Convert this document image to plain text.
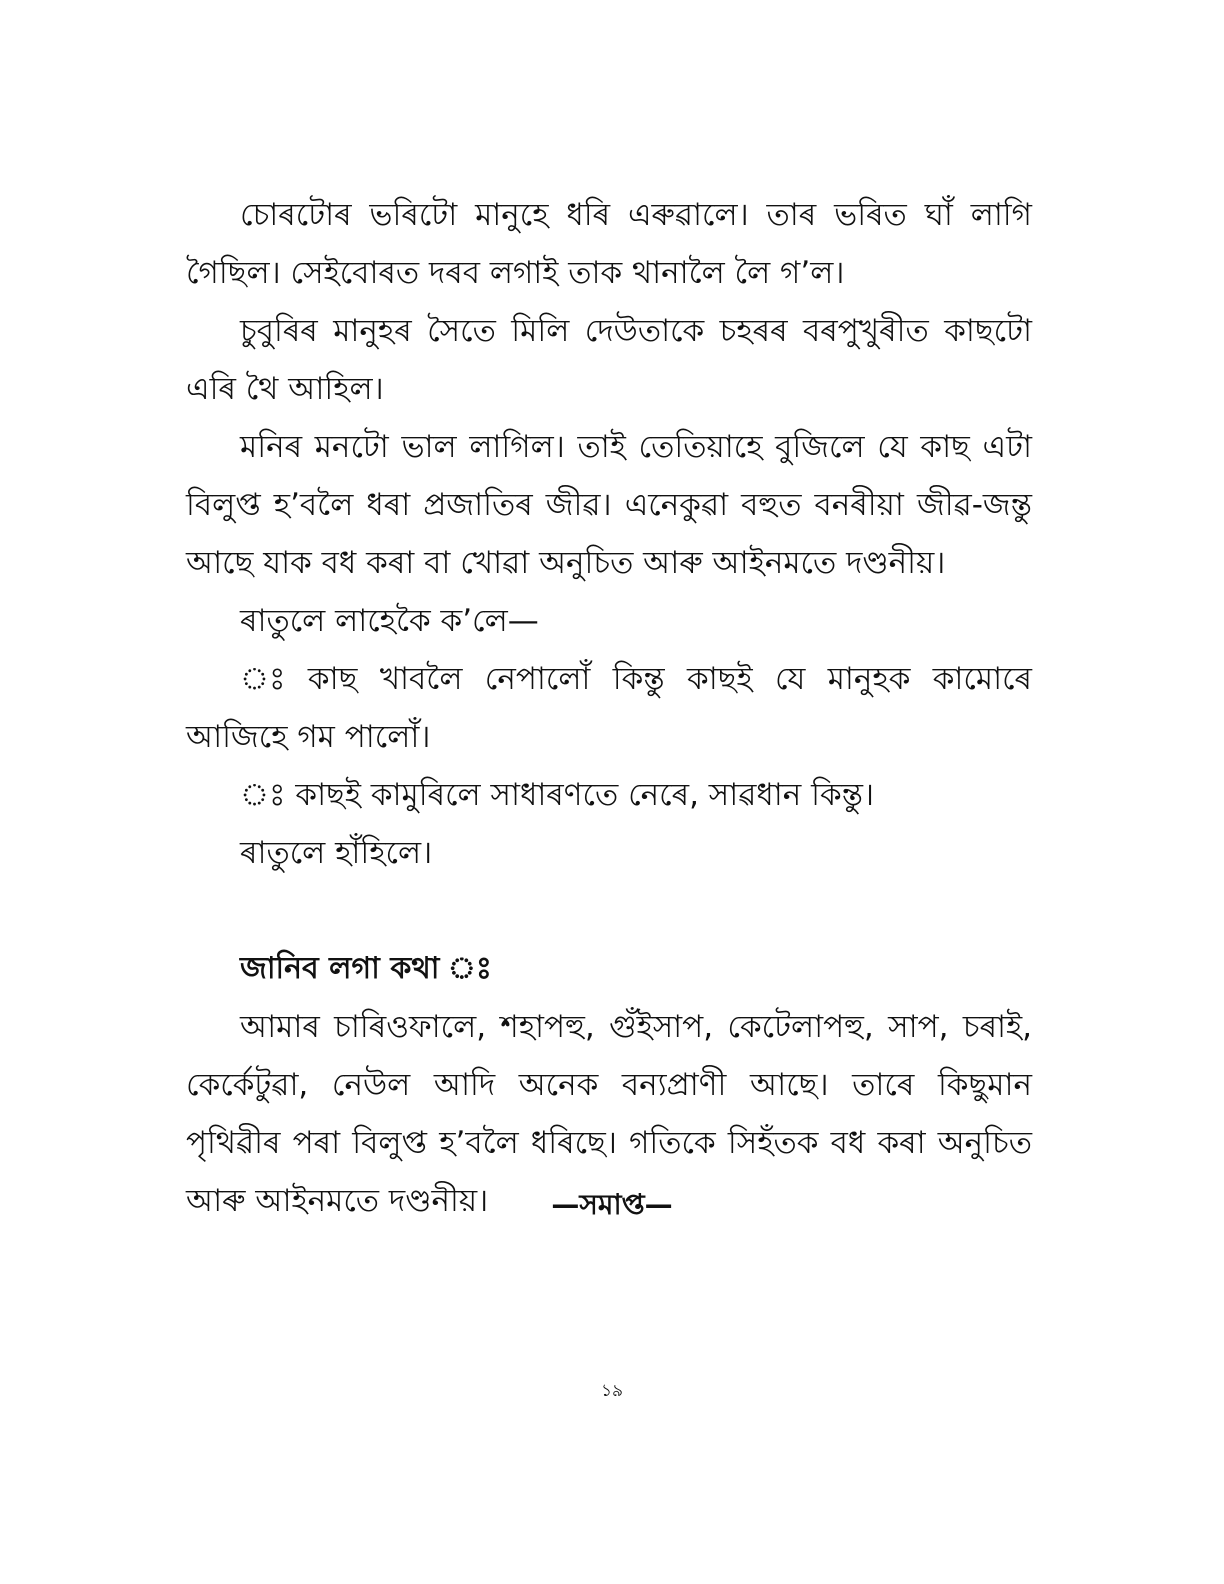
চোৰটোৰ ভৰিটো মানুহে ধৰি এৰুৱালে। তাৰ ভৰিত ঘাঁ লাগি গৈছিল। সেইবোৰত দৰব লগাই তাক থানালৈ লৈ গ’ল।

চুবুৰিৰ মানুহৰ সৈতে মিলি দেউতাকে চহৰৰ বৰপুখুৰীত কাছটো এৰি থৈ আহিল।

মনিৰ মনটো ভাল লাগিল। তাই তেতিয়াহে বুজিলে যে কাছ এটা বিলুপ্ত হ’বলৈ ধৰা প্ৰজাতিৰ জীৱ। এনেকুৱা বহুত বনৰীয়া জীৱ-জন্তু আছে যাক বধ কৰা বা খোৱা অনুচিত আৰু আইনমতে দণ্ডনীয়।

ৰাতুলে লাহেকৈ ক’লে—

ঃ কাছ খাবলৈ নেপালোঁ কিন্তু কাছই যে মানুহক কামোৰে আজিহে গম পালোঁ।

ঃ কাছই কামুৰিলে সাধাৰণতে নেৰে, সাৱধান কিন্তু।

ৰাতুলে হাঁহিলে।

জানিব লগা কথা ঃ

আমাৰ চাৰিওফালে, শহাপহু, গুঁইসাপ, কেটেলাপহু, সাপ, চৰাই, কেৰ্কেটুৱা, নেউল আদি অনেক বন্যপ্ৰাণী আছে। তাৰে কিছুমান পৃথিৱীৰ পৰা বিলুপ্ত হ’বলৈ ধৰিছে। গতিকে সিহঁতক বধ কৰা অনুচিত আৰু আইনমতে দণ্ডনীয়।	—সমাপ্ত—
১৯
